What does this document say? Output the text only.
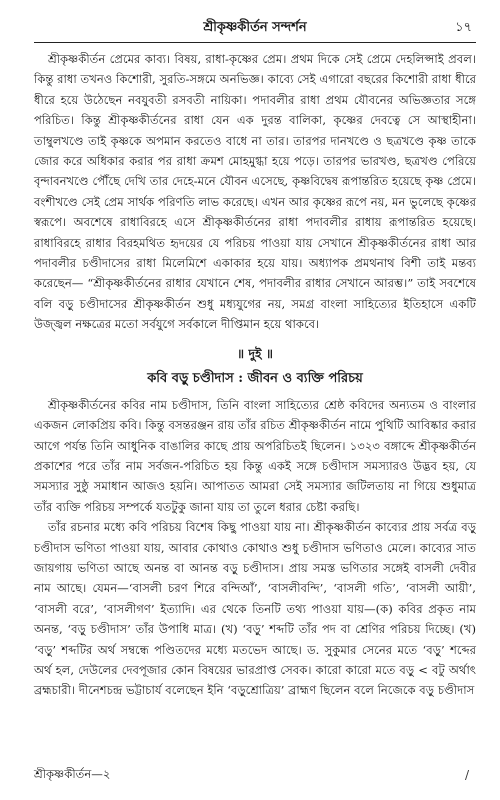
শ্রীকৃষ্ণকীর্তন সন্দর্শন	১৭

শ্রীকৃষ্ণকীর্তন প্রেমের কাব্য। বিষয়, রাধা-কৃষ্ণের প্রেম। প্রথম দিকে সেই প্রেমে দেহলিপ্সাই প্রবল। কিন্তু রাধা তখনও কিশোরী, সুরতি-সঙ্গমে অনভিজ্ঞ। কাব্যে সেই এগারো বছরের কিশোরী রাধা ধীরে ধীরে হয়ে উঠেছেন নবযুবতী রসবতী নায়িকা। পদাবলীর রাধা প্রথম যৌবনের অভিজ্ঞতার সঙ্গে পরিচিত। কিন্তু শ্রীকৃষ্ণকীর্তনের রাধা যেন এক দুরন্ত বালিকা, কৃষ্ণের দেবত্বে সে আস্থাহীনা। তাম্বুলখণ্ডে তাই কৃষ্ণকে অপমান করতেও বাধে না তার। তারপর দানখণ্ডে ও ছত্রখণ্ডে কৃষ্ণ তাকে জোর করে অধিকার করার পর রাধা ক্রমশ মোহমুগ্ধা হয়ে পড়ে। তারপর ভারখণ্ড, ছত্রখণ্ড পেরিয়ে বৃন্দাবনখণ্ডে পৌঁছে দেখি তার দেহে-মনে যৌবন এসেছে, কৃষ্ণবিদ্বেষ রূপান্তরিত হয়েছে কৃষ্ণ প্রেমে। বংশীখণ্ডে সেই প্রেম সার্থক পরিণতি লাভ করেছে। এখন আর কৃষ্ণের রূপে নয়, মন ভুলেছে কৃষ্ণের স্বরূপে। অবশেষে রাধাবিরহে এসে শ্রীকৃষ্ণকীর্তনের রাধা পদাবলীর রাধায় রূপান্তরিত হয়েছে। রাধাবিরহে রাধার বিরহমথিত হৃদয়ের যে পরিচয় পাওয়া যায় সেখানে শ্রীকৃষ্ণকীর্তনের রাধা আর পদাবলীর চণ্ডীদাসের রাধা মিলেমিশে একাকার হয়ে যায়। অধ্যাপক প্রমথনাথ বিশী তাই মন্তব্য করেছেন— “শ্রীকৃষ্ণকীর্তনের রাধার যেখানে শেষ, পদাবলীর রাধার সেখানে আরম্ভ।” তাই সবশেষে বলি বড়ু চণ্ডীদাসের শ্রীকৃষ্ণকীর্তন শুধু মধ্যযুগের নয়, সমগ্র বাংলা সাহিত্যের ইতিহাসে একটি উজ্জ্বল নক্ষত্রের মতো সর্বযুগে সর্বকালে দীপ্তিমান হয়ে থাকবে।

॥ দুই ॥
কবি বড়ু চণ্ডীদাস : জীবন ও ব্যক্তি পরিচয়

শ্রীকৃষ্ণকীর্তনের কবির নাম চণ্ডীদাস, তিনি বাংলা সাহিত্যের শ্রেষ্ঠ কবিদের অন্যতম ও বাংলার একজন লোকপ্রিয় কবি। কিন্তু বসন্তরঞ্জন রায় তাঁর রচিত শ্রীকৃষ্ণকীর্তন নামে পুথিটি আবিষ্কার করার আগে পর্যন্ত তিনি আধুনিক বাঙালির কাছে প্রায় অপরিচিতই ছিলেন। ১৩২৩ বঙ্গাব্দে শ্রীকৃষ্ণকীর্তন প্রকাশের পরে তাঁর নাম সর্বজন-পরিচিত হয় কিন্তু একই সঙ্গে চণ্ডীদাস সমস্যারও উদ্ভব হয়, যে সমস্যার সুষ্ঠু সমাধান আজও হয়নি। আপাতত আমরা সেই সমস্যার জটিলতায় না গিয়ে শুধুমাত্র তাঁর ব্যক্তি পরিচয় সম্পর্কে যতটুকু জানা যায় তা তুলে ধরার চেষ্টা করছি।

তাঁর রচনার মধ্যে কবি পরিচয় বিশেষ কিছু পাওয়া যায় না। শ্রীকৃষ্ণকীর্তন কাব্যের প্রায় সর্বত্র বড়ু চণ্ডীদাস ভণিতা পাওয়া যায়, আবার কোথাও কোথাও শুধু চণ্ডীদাস ভণিতাও মেলে। কাব্যের সাত জায়গায় ভণিতা আছে অনন্ত বা আনন্ত বড়ু চণ্ডীদাস। প্রায় সমস্ত ভণিতার সঙ্গেই বাসলী দেবীর নাম আছে। যেমন—‘বাসলী চরণ শিরে বন্দিআঁ’, ‘বাসলীবন্দি’, ‘বাসলী গতি’, ‘বাসলী আয়ী’, ‘বাসলী বরে’, ‘বাসলীগণ’ ইত্যাদি। এর থেকে তিনটি তথ্য পাওয়া যায়—(ক) কবির প্রকৃত নাম অনন্ত, ‘বড়ু চণ্ডীদাস’ তাঁর উপাধি মাত্র। (খ) ‘বড়ু’ শব্দটি তাঁর পদ বা শ্রেণির পরিচয় দিচ্ছে। (খ) ‘বড়ু’ শব্দটির অর্থ সম্বন্ধে পণ্ডিতদের মধ্যে মতভেদ আছে। ড. সুকুমার সেনের মতে ‘বড়ু’ শব্দের অর্থ হল, দেউলের দেবপূজার কোন বিষয়ের ভারপ্রাপ্ত সেবক। কারো কারো মতে বড়ু < বটু অর্থাৎ ব্রহ্মচারী। দীনেশচন্দ্র ভট্টাচার্য বলেছেন ইনি ‘বড়ুশ্রোত্রিয়’ ব্রাহ্মণ ছিলেন বলে নিজেকে বড়ু চণ্ডীদাস

শ্রীকৃষ্ণকীর্তন—২	/
